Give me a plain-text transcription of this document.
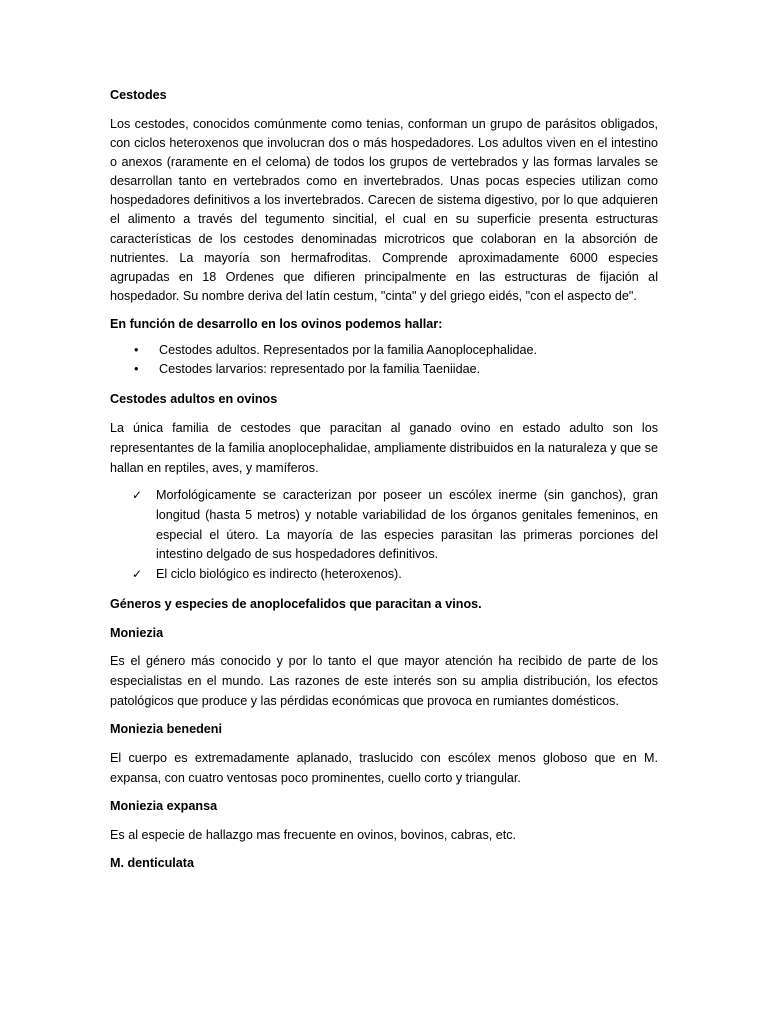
Cestodes

Los cestodes, conocidos comúnmente como tenias, conforman un grupo de parásitos obligados, con ciclos heteroxenos que involucran dos o más hospedadores. Los adultos viven en el intestino o anexos (raramente en el celoma) de todos los grupos de vertebrados y las formas larvales se desarrollan tanto en vertebrados como en invertebrados. Unas pocas especies utilizan como hospedadores definitivos a los invertebrados. Carecen de sistema digestivo, por lo que adquieren el alimento a través del tegumento sincitial, el cual en su superficie presenta estructuras características de los cestodes denominadas microtricos que colaboran en la absorción de nutrientes. La mayoría son hermafroditas. Comprende aproximadamente 6000 especies agrupadas en 18 Ordenes que difieren principalmente en las estructuras de fijación al hospedador. Su nombre deriva del latín cestum, "cinta" y del griego eidés, "con el aspecto de".

En función de desarrollo en los ovinos podemos hallar:

• Cestodes adultos. Representados por la familia Aanoplocephalidae.
• Cestodes larvarios: representado por la familia Taeniidae.

Cestodes adultos en ovinos

La única familia de cestodes que paracitan al ganado ovino en estado adulto son los representantes de la familia anoplocephalidae, ampliamente distribuidos en la naturaleza y que se hallan en reptiles, aves, y mamíferos.

✓ Morfológicamente se caracterizan por poseer un escólex inerme (sin ganchos), gran longitud (hasta 5 metros) y notable variabilidad de los órganos genitales femeninos, en especial el útero. La mayoría de las especies parasitan las primeras porciones del intestino delgado de sus hospedadores definitivos.
✓ El ciclo biológico es indirecto (heteroxenos).

Géneros y especies de anoplocefalidos que paracitan a vinos.

Moniezia

Es el género más conocido y por lo tanto el que mayor atención ha recibido de parte de los especialistas en el mundo. Las razones de este interés son su amplia distribución, los efectos patológicos que produce y las pérdidas económicas que provoca en rumiantes domésticos.

Moniezia benedeni

El cuerpo es extremadamente aplanado, traslucido con escólex menos globoso que en M. expansa, con cuatro ventosas poco prominentes, cuello corto y triangular.

Moniezia expansa

Es al especie de hallazgo mas frecuente en ovinos, bovinos, cabras, etc.

M. denticulata
